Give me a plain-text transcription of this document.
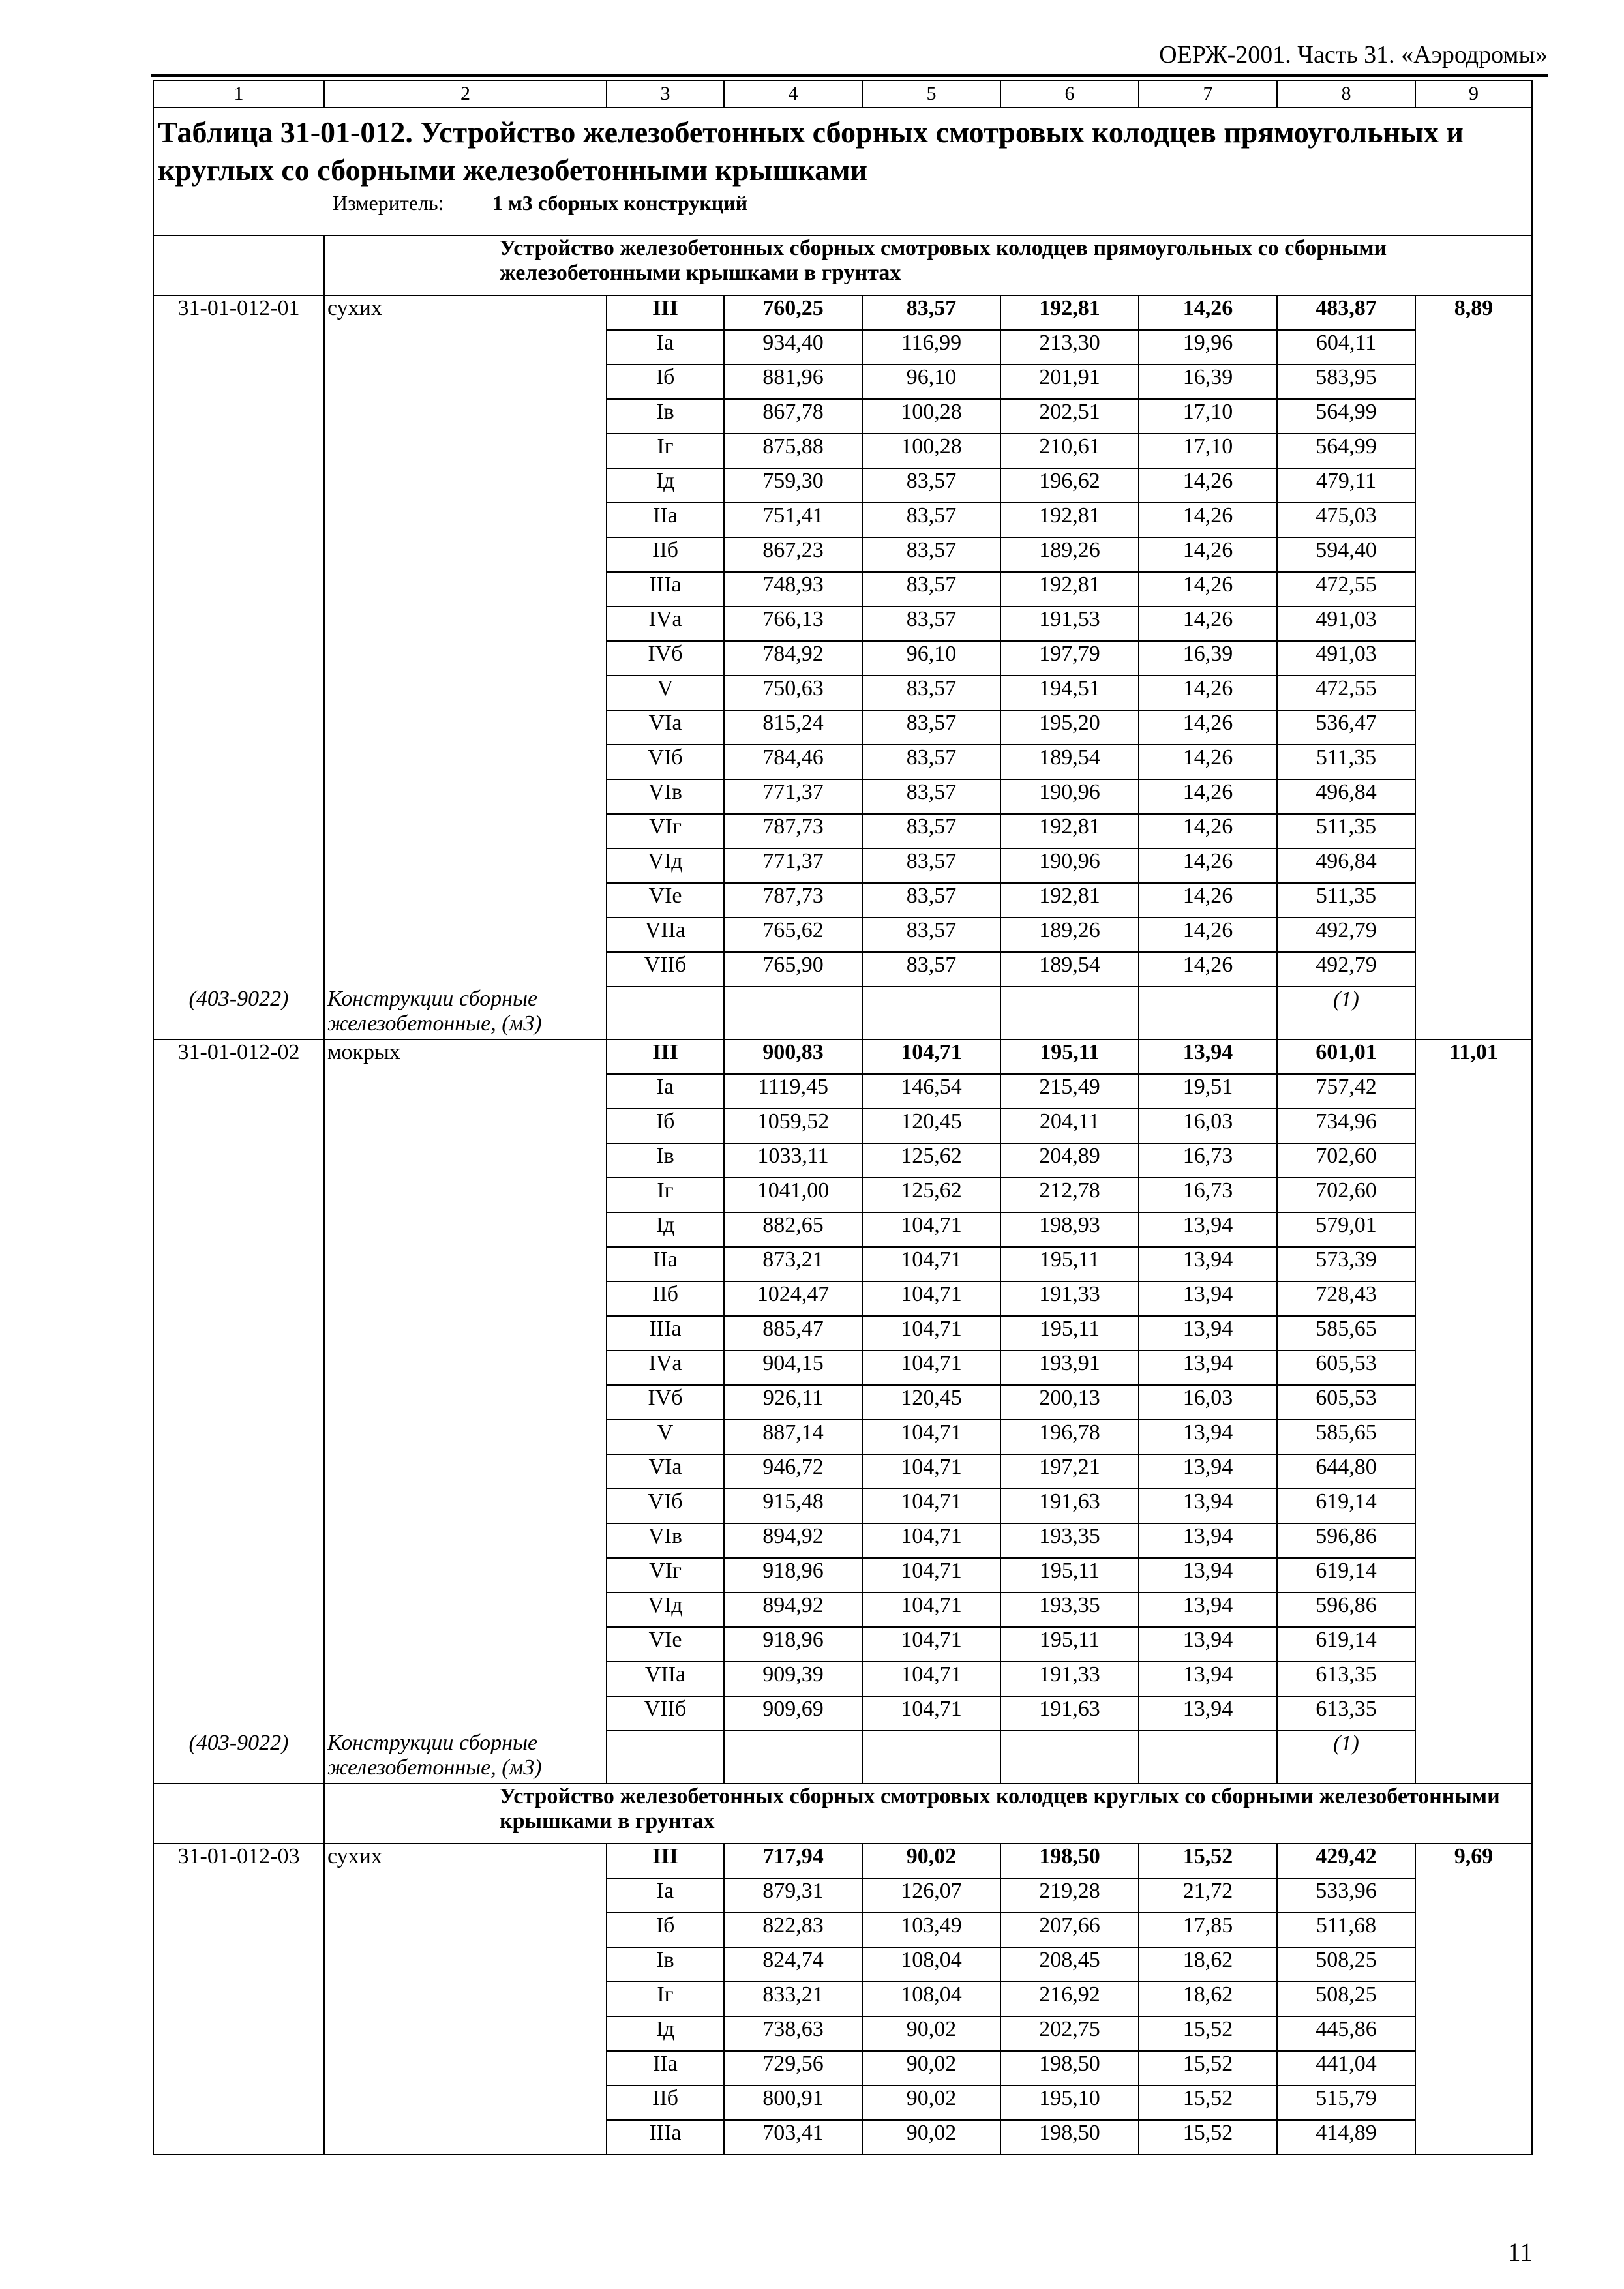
ОЕРЖ-2001. Часть 31. «Аэродромы»
1	2	3	4	5	6	7	8	9

Таблица 31-01-012. Устройство железобетонных сборных смотровых колодцев прямоугольных и круглых со сборными железобетонными крышками
Измеритель: 1 м3 сборных конструкций								

	Устройство железобетонных сборных смотровых колодцев прямоугольных со сборными железобетонными крышками в грунтах							
31-01-012-01	сухих	III	760,25	83,57	192,81	14,26	483,87	8,89
		Iа	934,40	116,99	213,30	19,96	604,11	
		Iб	881,96	96,10	201,91	16,39	583,95	
		Iв	867,78	100,28	202,51	17,10	564,99	
		Iг	875,88	100,28	210,61	17,10	564,99	
		Iд	759,30	83,57	196,62	14,26	479,11	
		IIа	751,41	83,57	192,81	14,26	475,03	
		IIб	867,23	83,57	189,26	14,26	594,40	
		IIIа	748,93	83,57	192,81	14,26	472,55	
		IVа	766,13	83,57	191,53	14,26	491,03	
		IVб	784,92	96,10	197,79	16,39	491,03	
		V	750,63	83,57	194,51	14,26	472,55	
		VIа	815,24	83,57	195,20	14,26	536,47	
		VIб	784,46	83,57	189,54	14,26	511,35	
		VIв	771,37	83,57	190,96	14,26	496,84	
		VIг	787,73	83,57	192,81	14,26	511,35	
		VIд	771,37	83,57	190,96	14,26	496,84	
		VIе	787,73	83,57	192,81	14,26	511,35	
		VIIа	765,62	83,57	189,26	14,26	492,79	
		VIIб	765,90	83,57	189,54	14,26	492,79	
(403-9022)	Конструкции сборные железобетонные, (м3)						(1)	
31-01-012-02	мокрых	III	900,83	104,71	195,11	13,94	601,01	11,01
		Iа	1119,45	146,54	215,49	19,51	757,42	
		Iб	1059,52	120,45	204,11	16,03	734,96	
		Iв	1033,11	125,62	204,89	16,73	702,60	
		Iг	1041,00	125,62	212,78	16,73	702,60	
		Iд	882,65	104,71	198,93	13,94	579,01	
		IIа	873,21	104,71	195,11	13,94	573,39	
		IIб	1024,47	104,71	191,33	13,94	728,43	
		IIIа	885,47	104,71	195,11	13,94	585,65	
		IVа	904,15	104,71	193,91	13,94	605,53	
		IVб	926,11	120,45	200,13	16,03	605,53	
		V	887,14	104,71	196,78	13,94	585,65	
		VIа	946,72	104,71	197,21	13,94	644,80	
		VIб	915,48	104,71	191,63	13,94	619,14	
		VIв	894,92	104,71	193,35	13,94	596,86	
		VIг	918,96	104,71	195,11	13,94	619,14	
		VIд	894,92	104,71	193,35	13,94	596,86	
		VIе	918,96	104,71	195,11	13,94	619,14	
		VIIа	909,39	104,71	191,33	13,94	613,35	
		VIIб	909,69	104,71	191,63	13,94	613,35	
(403-9022)	Конструкции сборные железобетонные, (м3)						(1)	
	Устройство железобетонных сборных смотровых колодцев круглых со сборными железобетонными крышками в грунтах							
31-01-012-03	сухих	III	717,94	90,02	198,50	15,52	429,42	9,69
		Iа	879,31	126,07	219,28	21,72	533,96	
		Iб	822,83	103,49	207,66	17,85	511,68	
		Iв	824,74	108,04	208,45	18,62	508,25	
		Iг	833,21	108,04	216,92	18,62	508,25	
		Iд	738,63	90,02	202,75	15,52	445,86	
		IIа	729,56	90,02	198,50	15,52	441,04	
		IIб	800,91	90,02	195,10	15,52	515,79	
		IIIа	703,41	90,02	198,50	15,52	414,89	
11
